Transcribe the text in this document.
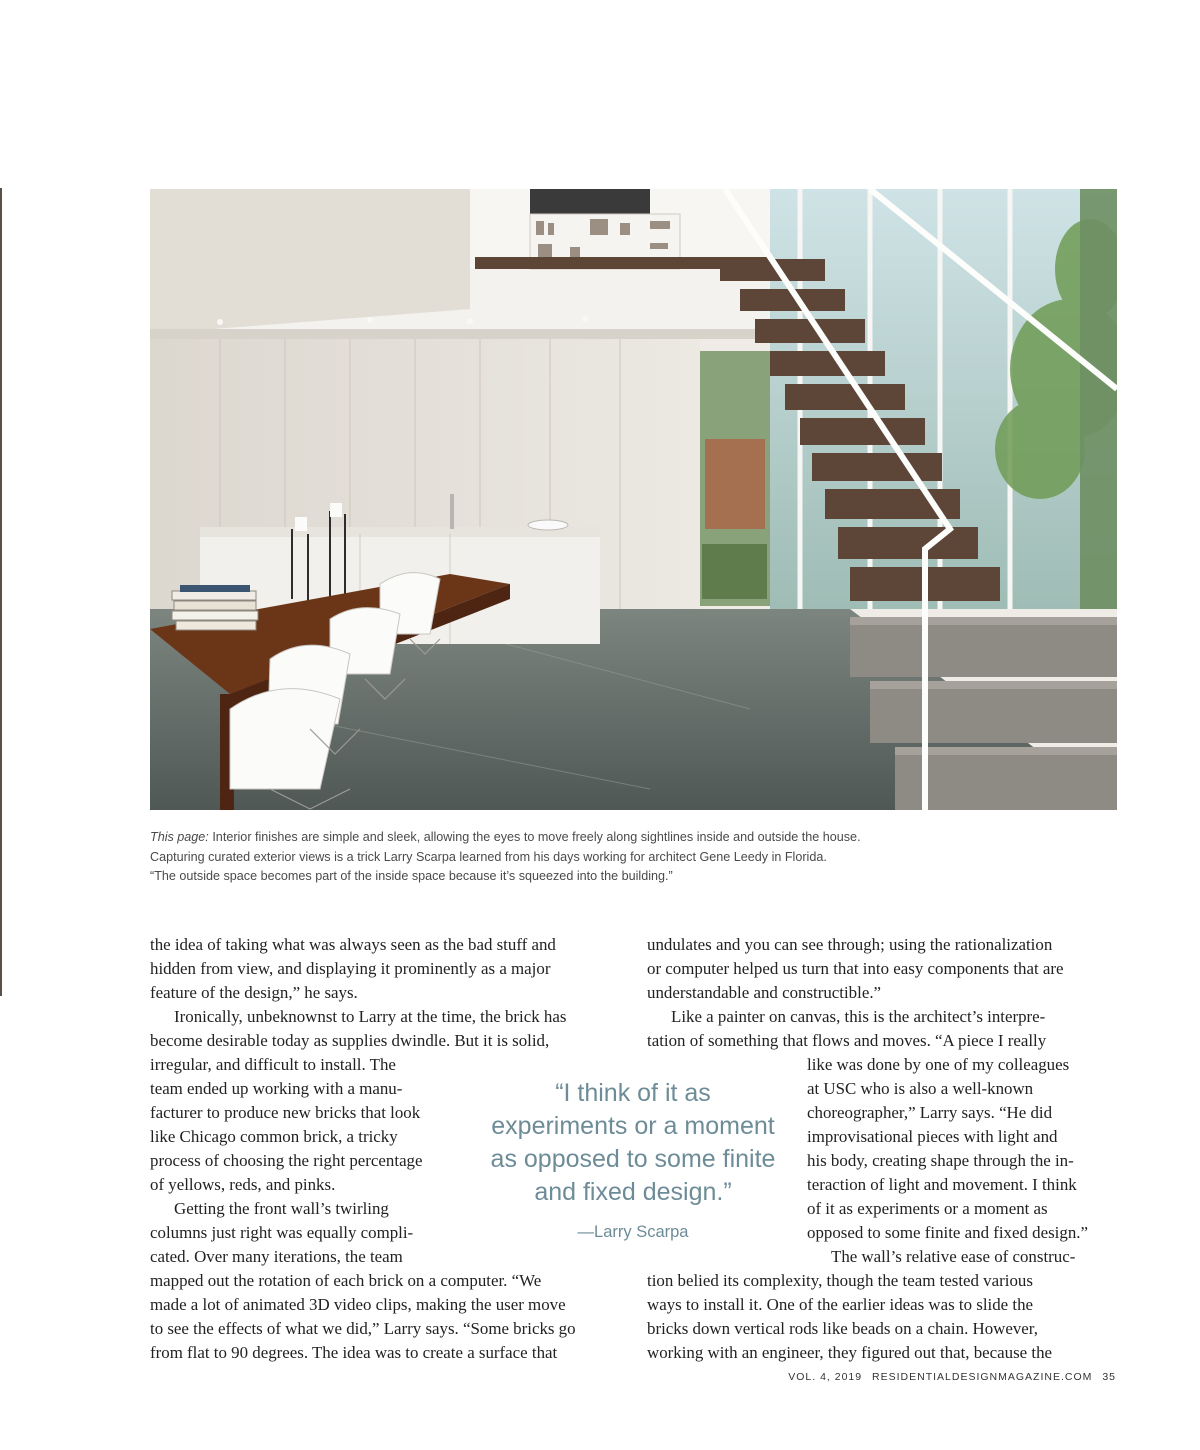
This page: Interior finishes are simple and sleek, allowing the eyes to move freely along sightlines inside and outside the house.

Capturing curated exterior views is a trick Larry Scarpa learned from his days working for architect Gene Leedy in Florida.

“The outside space becomes part of the inside space because it’s squeezed into the building.”

the idea of taking what was always seen as the bad stuff and

hidden from view, and displaying it prominently as a major

feature of the design,” he says.

Ironically, unbeknownst to Larry at the time, the brick has

become desirable today as supplies dwindle. But it is solid,

irregular, and difficult to install. The

team ended up working with a manu-

facturer to produce new bricks that look

like Chicago common brick, a tricky

process of choosing the right percentage

of yellows, reds, and pinks.

Getting the front wall’s twirling

columns just right was equally compli-

cated. Over many iterations, the team

mapped out the rotation of each brick on a computer. “We

made a lot of animated 3D video clips, making the user move

to see the effects of what we did,” Larry says. “Some bricks go

from flat to 90 degrees. The idea was to create a surface that

undulates and you can see through; using the rationalization

or computer helped us turn that into easy components that are

understandable and constructible.”

Like a painter on canvas, this is the architect’s interpre-

tation of something that flows and moves. “A piece I really

like was done by one of my colleagues

at USC who is also a well-known

choreographer,” Larry says. “He did

improvisational pieces with light and

his body, creating shape through the in-

teraction of light and movement. I think

of it as experiments or a moment as

opposed to some finite and fixed design.”

The wall’s relative ease of construc-

tion belied its complexity, though the team tested various

ways to install it. One of the earlier ideas was to slide the

bricks down vertical rods like beads on a chain. However,

working with an engineer, they figured out that, because the

“I think of it as

experiments or a moment

as opposed to some finite

and fixed design.”

—Larry Scarpa

VOL. 4, 2019 RESIDENTIALDESIGNMAGAZINE.COM 35
